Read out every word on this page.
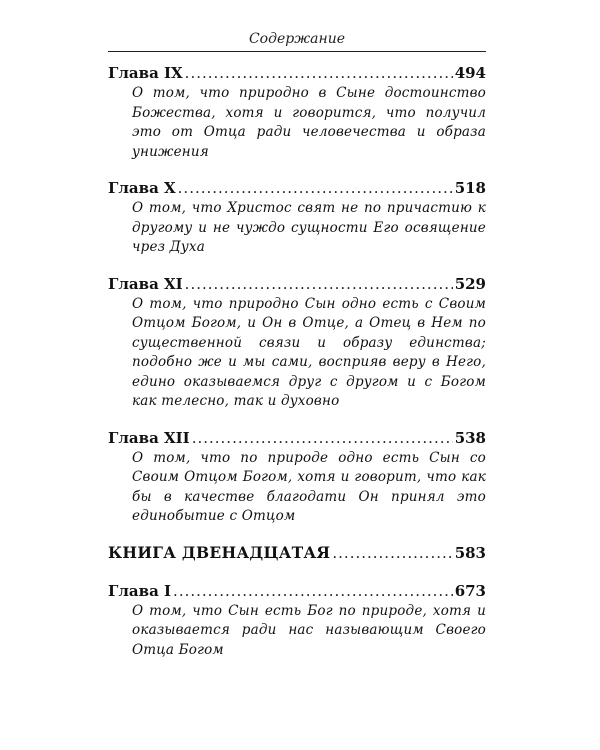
Содержание
Глава IX .....	494
О том, что природно в Сыне достоинство Божества, хотя и говорится, что получил это от Отца ради человечества и образа унижения
Глава X .....	518
О том, что Христос свят не по причастию к другому и не чуждо сущности Его освящение чрез Духа
Глава XI .....	529
О том, что природно Сын одно есть с Своим Отцом Богом, и Он в Отце, а Отец в Нем по существенной связи и образу единства; подобно же и мы сами, восприяв веру в Него, едино оказываемся друг с другом и с Богом как телесно, так и духовно
Глава XII .....	538
О том, что по природе одно есть Сын со Своим Отцом Богом, хотя и говорит, что как бы в качестве благодати Он принял это единобытие с Отцом
КНИГА ДВЕНАДЦАТАЯ .....	583
Глава I .....	673
О том, что Сын есть Бог по природе, хотя и оказывается ради нас называющим Своего Отца Богом
